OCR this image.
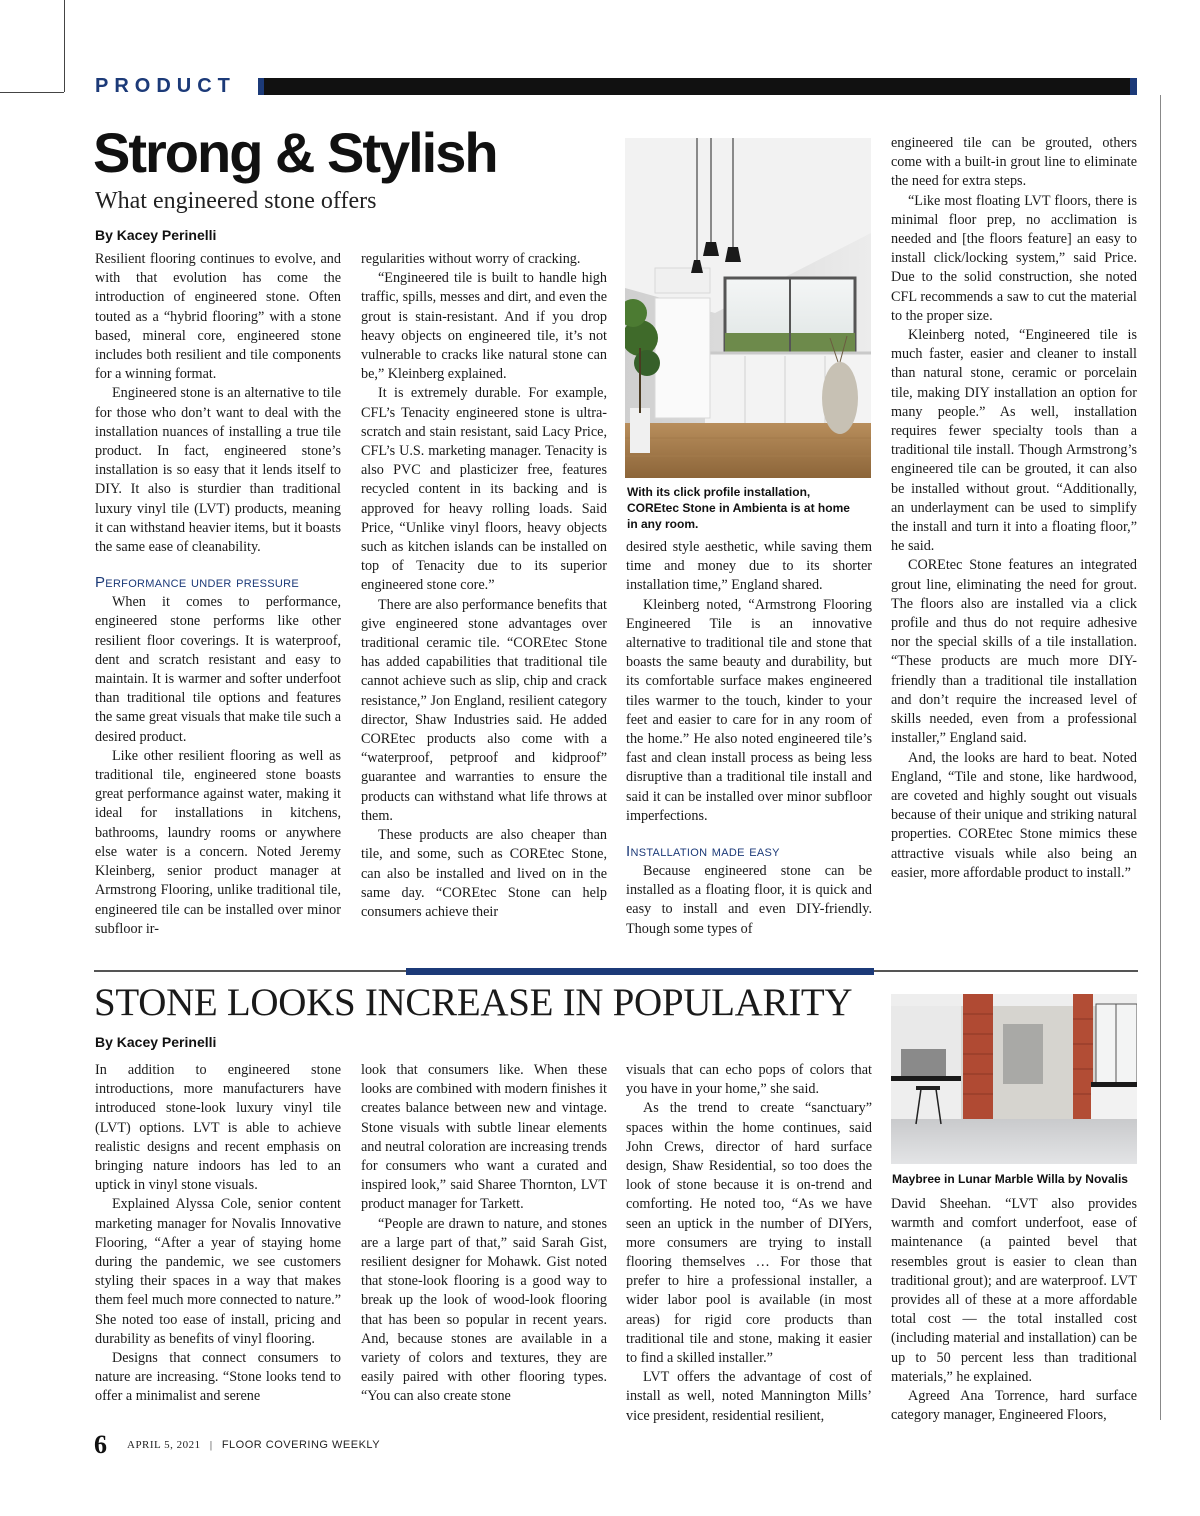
PRODUCT
Strong & Stylish
What engineered stone offers
By Kacey Perinelli

Resilient flooring continues to evolve, and with that evolution has come the introduction of engineered stone. Often touted as a “hybrid flooring” with a stone based, mineral core, engineered stone includes both resilient and tile components for a winning format.

Engineered stone is an alternative to tile for those who don’t want to deal with the installation nuances of installing a true tile product. In fact, engineered stone’s installation is so easy that it lends itself to DIY. It also is sturdier than traditional luxury vinyl tile (LVT) products, meaning it can withstand heavier items, but it boasts the same ease of cleanability.

Performance under pressure

When it comes to performance, engineered stone performs like other resilient floor coverings. It is waterproof, dent and scratch resistant and easy to maintain. It is warmer and softer underfoot than traditional tile options and features the same great visuals that make tile such a desired product.

Like other resilient flooring as well as traditional tile, engineered stone boasts great performance against water, making it ideal for installations in kitchens, bathrooms, laundry rooms or anywhere else water is a concern. Noted Jeremy Kleinberg, senior product manager at Armstrong Flooring, unlike traditional tile, engineered tile can be installed over minor subfloor ir-

regularities without worry of cracking.

“Engineered tile is built to handle high traffic, spills, messes and dirt, and even the grout is stain-resistant. And if you drop heavy objects on engineered tile, it’s not vulnerable to cracks like natural stone can be,” Kleinberg explained.

It is extremely durable. For example, CFL’s Tenacity engineered stone is ultra-scratch and stain resistant, said Lacy Price, CFL’s U.S. marketing manager. Tenacity is also PVC and plasticizer free, features recycled content in its backing and is approved for heavy rolling loads. Said Price, “Unlike vinyl floors, heavy objects such as kitchen islands can be installed on top of Tenacity due to its superior engineered stone core.”

There are also performance benefits that give engineered stone advantages over traditional ceramic tile. “COREtec Stone has added capabilities that traditional tile cannot achieve such as slip, chip and crack resistance,” Jon England, resilient category director, Shaw Industries said. He added COREtec products also come with a “waterproof, petproof and kidproof” guarantee and warranties to ensure the products can withstand what life throws at them.

These products are also cheaper than tile, and some, such as COREtec Stone, can also be installed and lived on in the same day. “COREtec Stone can help consumers achieve their

With its click profile installation, COREtec Stone in Ambienta is at home in any room.

desired style aesthetic, while saving them time and money due to its shorter installation time,” England shared.

Kleinberg noted, “Armstrong Flooring Engineered Tile is an innovative alternative to traditional tile and stone that boasts the same beauty and durability, but its comfortable surface makes engineered tiles warmer to the touch, kinder to your feet and easier to care for in any room of the home.” He also noted engineered tile’s fast and clean install process as being less disruptive than a traditional tile install and said it can be installed over minor subfloor imperfections.

Installation made easy

Because engineered stone can be installed as a floating floor, it is quick and easy to install and even DIY-friendly. Though some types of

engineered tile can be grouted, others come with a built-in grout line to eliminate the need for extra steps.

“Like most floating LVT floors, there is minimal floor prep, no acclimation is needed and [the floors feature] an easy to install click/locking system,” said Price. Due to the solid construction, she noted CFL recommends a saw to cut the material to the proper size.

Kleinberg noted, “Engineered tile is much faster, easier and cleaner to install than natural stone, ceramic or porcelain tile, making DIY installation an option for many people.” As well, installation requires fewer specialty tools than a traditional tile install. Though Armstrong’s engineered tile can be grouted, it can also be installed without grout. “Additionally, an underlayment can be used to simplify the install and turn it into a floating floor,” he said.

COREtec Stone features an integrated grout line, eliminating the need for grout. The floors also are installed via a click profile and thus do not require adhesive nor the special skills of a tile installation. “These products are much more DIY-friendly than a traditional tile installation and don’t require the increased level of skills needed, even from a professional installer,” England said.

And, the looks are hard to beat. Noted England, “Tile and stone, like hardwood, are coveted and highly sought out visuals because of their unique and striking natural properties. COREtec Stone mimics these attractive visuals while also being an easier, more affordable product to install.”

STONE LOOKS INCREASE IN POPULARITY
By Kacey Perinelli

In addition to engineered stone introductions, more manufacturers have introduced stone-look luxury vinyl tile (LVT) options. LVT is able to achieve realistic designs and recent emphasis on bringing nature indoors has led to an uptick in vinyl stone visuals.

Explained Alyssa Cole, senior content marketing manager for Novalis Innovative Flooring, “After a year of staying home during the pandemic, we see customers styling their spaces in a way that makes them feel much more connected to nature.” She noted too ease of install, pricing and durability as benefits of vinyl flooring.

Designs that connect consumers to nature are increasing. “Stone looks tend to offer a minimalist and serene

look that consumers like. When these looks are combined with modern finishes it creates balance between new and vintage. Stone visuals with subtle linear elements and neutral coloration are increasing trends for consumers who want a curated and inspired look,” said Sharee Thornton, LVT product manager for Tarkett.

“People are drawn to nature, and stones are a large part of that,” said Sarah Gist, resilient designer for Mohawk. Gist noted that stone-look flooring is a good way to break up the look of wood-look flooring that has been so popular in recent years. And, because stones are available in a variety of colors and textures, they are easily paired with other flooring types. “You can also create stone

visuals that can echo pops of colors that you have in your home,” she said.

As the trend to create “sanctuary” spaces within the home continues, said John Crews, director of hard surface design, Shaw Residential, so too does the look of stone because it is on-trend and comforting. He noted too, “As we have seen an uptick in the number of DIYers, more consumers are trying to install flooring themselves … For those that prefer to hire a professional installer, a wider labor pool is available (in most areas) for rigid core products than traditional tile and stone, making it easier to find a skilled installer.”

LVT offers the advantage of cost of install as well, noted Mannington Mills’ vice president, residential resilient,

Maybree in Lunar Marble Willa by Novalis

David Sheehan. “LVT also provides warmth and comfort underfoot, ease of maintenance (a painted bevel that resembles grout is easier to clean than traditional grout); and are waterproof. LVT provides all of these at a more affordable total cost — the total installed cost (including material and installation) can be up to 50 percent less than traditional materials,” he explained.

Agreed Ana Torrence, hard surface category manager, Engineered Floors,

6 APRIL 5, 2021 | FLOOR COVERING WEEKLY
